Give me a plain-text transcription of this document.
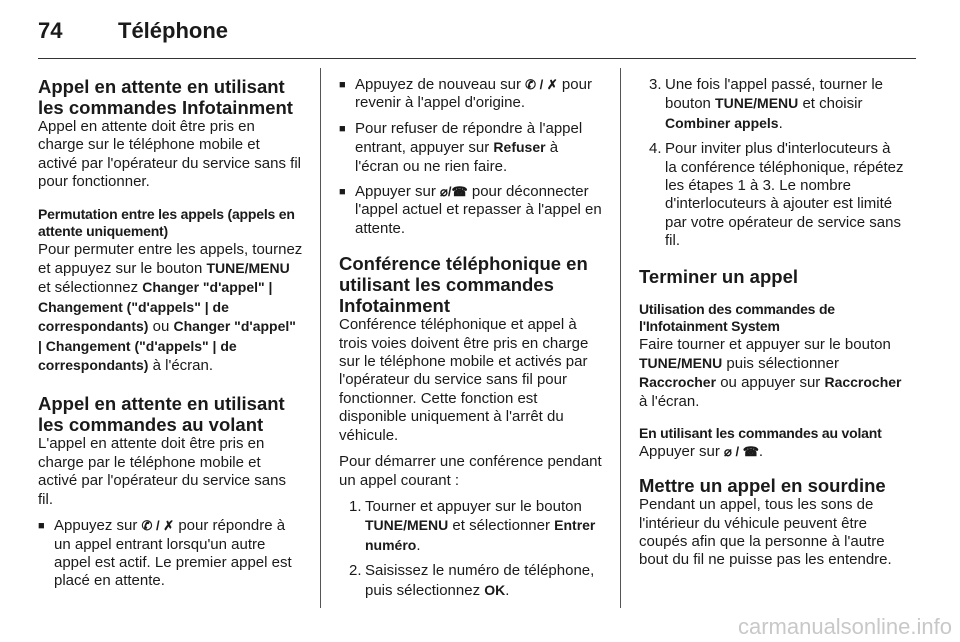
74	Téléphone
Appel en attente en utilisant les commandes Infotainment

Appel en attente doit être pris en charge sur le téléphone mobile et activé par l'opérateur du service sans fil pour fonctionner.

Permutation entre les appels (appels en attente uniquement)

Pour permuter entre les appels, tournez et appuyez sur le bouton TUNE/MENU et sélectionnez Changer "d'appel" | Changement ("d'appels" | de correspondants) ou Changer "d'appel" | Changement ("d'appels" | de correspondants) à l'écran.

Appel en attente en utilisant les commandes au volant

L'appel en attente doit être pris en charge par le téléphone mobile et activé par l'opérateur du service sans fil.

■ Appuyez sur ✆ / ✗ pour répondre à un appel entrant lorsqu'un autre appel est actif. Le premier appel est placé en attente.
■ Appuyez de nouveau sur ✆ / ✗ pour revenir à l'appel d'origine.
■ Pour refuser de répondre à l'appel entrant, appuyer sur Refuser à l'écran ou ne rien faire.
■ Appuyer sur ⌀/☎ pour déconnecter l'appel actuel et repasser à l'appel en attente.
Conférence téléphonique en utilisant les commandes Infotainment

Conférence téléphonique et appel à trois voies doivent être pris en charge sur le téléphone mobile et activés par l'opérateur du service sans fil pour fonctionner. Cette fonction est disponible uniquement à l'arrêt du véhicule.

Pour démarrer une conférence pendant un appel courant :

1. Tourner et appuyer sur le bouton TUNE/MENU et sélectionner Entrer numéro.
2. Saisissez le numéro de téléphone, puis sélectionnez OK.
3. Une fois l'appel passé, tourner le bouton TUNE/MENU et choisir Combiner appels.
4. Pour inviter plus d'interlocuteurs à la conférence téléphonique, répétez les étapes 1 à 3. Le nombre d'interlocuteurs à ajouter est limité par votre opérateur de service sans fil.
Terminer un appel
Utilisation des commandes de l'Infotainment System

Faire tourner et appuyer sur le bouton TUNE/MENU puis sélectionner Raccrocher ou appuyer sur Raccrocher à l'écran.

En utilisant les commandes au volant

Appuyer sur ⌀ / ☎.

Mettre un appel en sourdine

Pendant un appel, tous les sons de l'intérieur du véhicule peuvent être coupés afin que la personne à l'autre bout du fil ne puisse pas les entendre.

carmanualsonline.info
